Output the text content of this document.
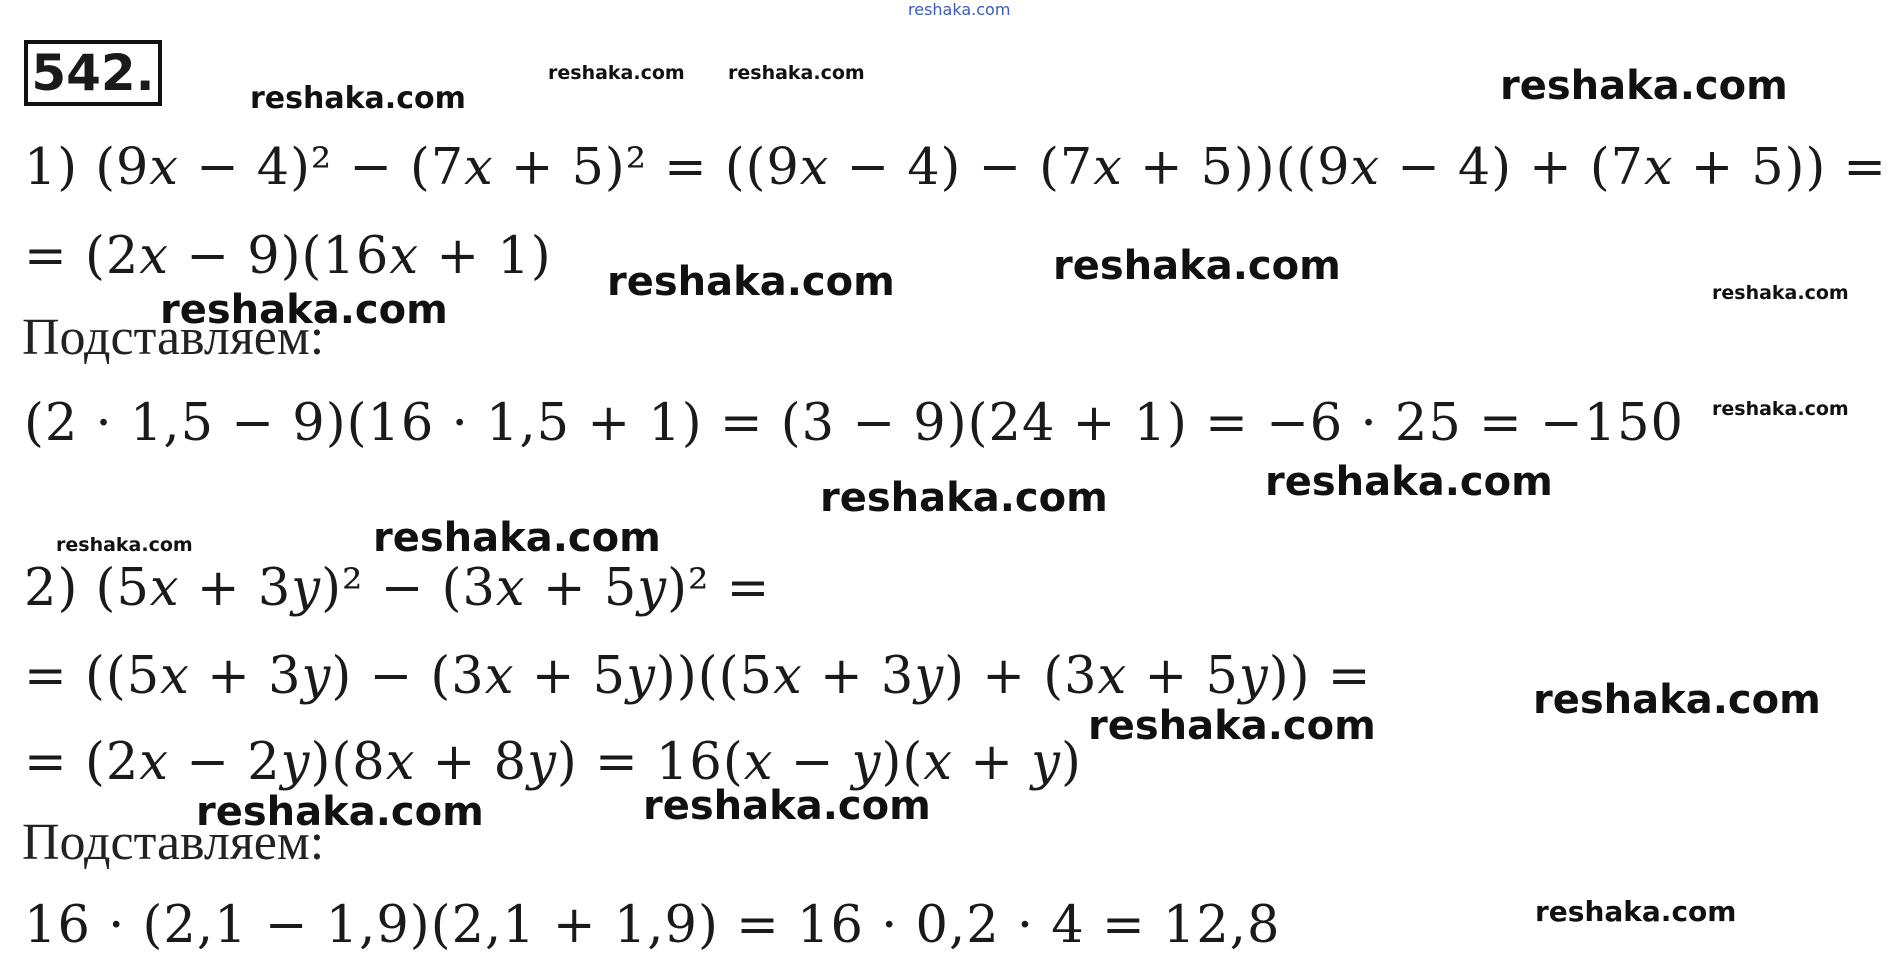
542.
1) (9𝑥 − 4)² − (7𝑥 + 5)² = ((9𝑥 − 4) − (7𝑥 + 5))((9𝑥 − 4) + (7𝑥 + 5)) =
= (2𝑥 − 9)(16𝑥 + 1)
Подставляем:
(2 · 1,5 − 9)(16 · 1,5 + 1) = (3 − 9)(24 + 1) = −6 · 25 = −150
2) (5𝑥 + 3𝑦)² − (3𝑥 + 5𝑦)² =
= ((5𝑥 + 3𝑦) − (3𝑥 + 5𝑦))((5𝑥 + 3𝑦) + (3𝑥 + 5𝑦)) =
= (2𝑥 − 2𝑦)(8𝑥 + 8𝑦) = 16(𝑥 − 𝑦)(𝑥 + 𝑦)
Подставляем:
16 · (2,1 − 1,9)(2,1 + 1,9) = 16 · 0,2 · 4 = 12,8
reshaka.com
reshaka.com reshaka.com
reshaka.com	reshaka.com
reshaka.com
reshaka.com
reshaka.com	reshaka.com
reshaka.com
reshaka.com
reshaka.com
reshaka.com	reshaka.com
reshaka.com
reshaka.com
reshaka.com
reshaka.com
reshaka.com
